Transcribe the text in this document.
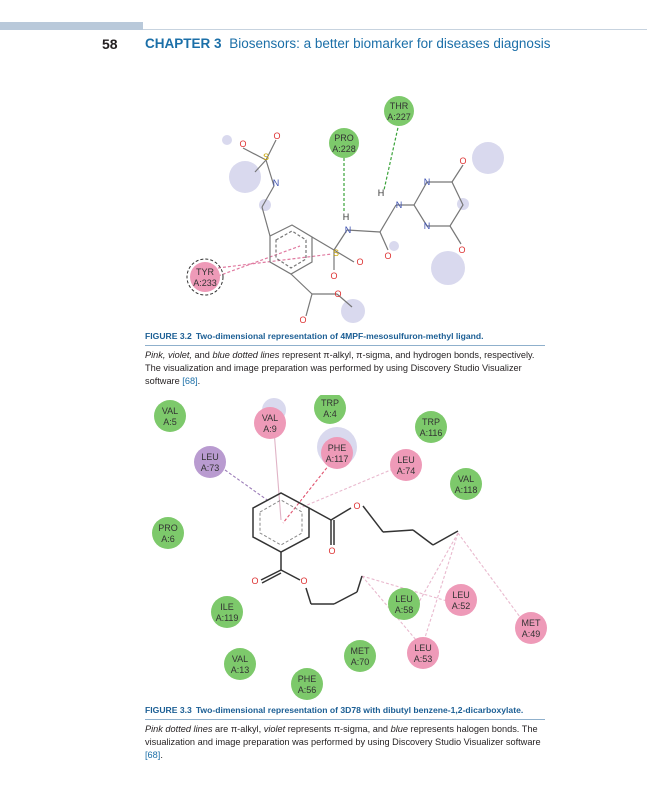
58 CHAPTER 3 Biosensors: a better biomarker for diseases diagnosis
O
O
S
N
H
N
H
N
N
N
O
O
O
S
O
O
O
O
THR
A:227
PRO
A:228
TYR
A:233
FIGURE 3.2 Two-dimensional representation of 4MPF-mesosulfuron-methyl ligand.
Pink, violet, and blue dotted lines represent π-alkyl, π-sigma, and hydrogen bonds, respectively. The visualization and image preparation was performed by using Discovery Studio Visualizer software [68].
O
O
O	O
VAL
A:5	VAL
A:9
TRP
A:4
TRP
A:116
LEU
A:73
PHE
A:117	LEU
A:74
VAL
A:118
PRO
A:6
ILE
A:119
LEU
A:58
LEU
A:52
MET
A:49
MET
A:70
LEU
A:53
VAL
A:13
PHE
A:56
FIGURE 3.3 Two-dimensional representation of 3D78 with dibutyl benzene-1,2-dicarboxylate.
Pink dotted lines are π-alkyl, violet represents π-sigma, and blue represents halogen bonds. The visualization and image preparation was performed by using Discovery Studio Visualizer software [68].
